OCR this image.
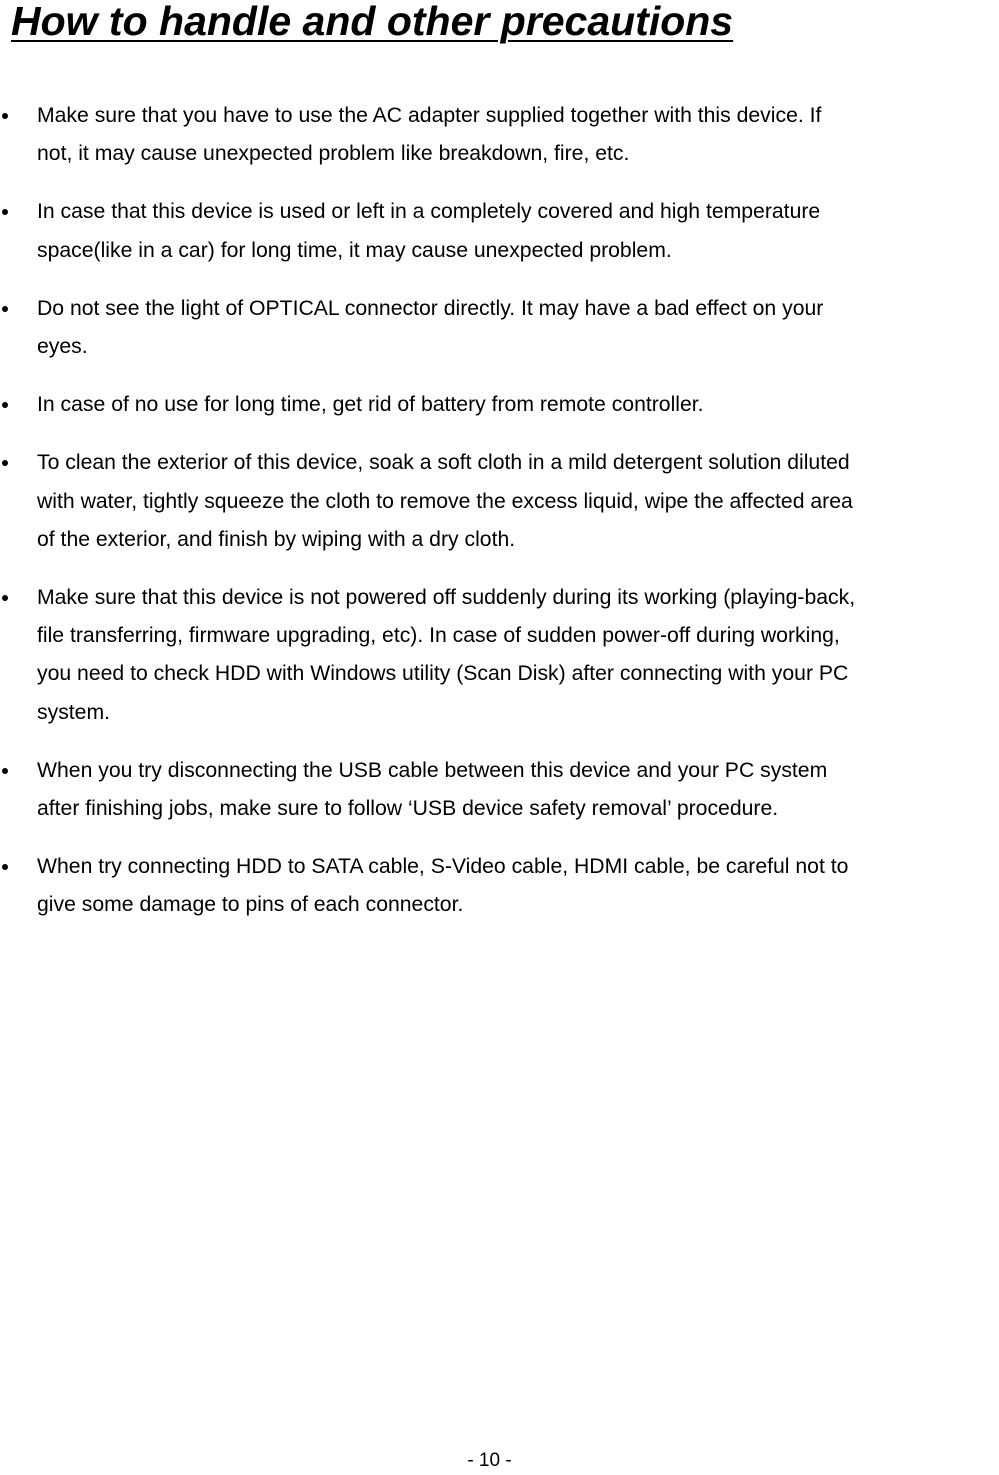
How to handle and other precautions
Make sure that you have to use the AC adapter supplied together with this device. If
not, it may cause unexpected problem like breakdown, fire, etc.
In case that this device is used or left in a completely covered and high temperature
space(like in a car) for long time, it may cause unexpected problem.
Do not see the light of OPTICAL connector directly. It may have a bad effect on your
eyes.
In case of no use for long time, get rid of battery from remote controller.
To clean the exterior of this device, soak a soft cloth in a mild detergent solution diluted
with water, tightly squeeze the cloth to remove the excess liquid, wipe the affected area
of the exterior, and finish by wiping with a dry cloth.
Make sure that this device is not powered off suddenly during its working (playing-back,
file transferring, firmware upgrading, etc). In case of sudden power-off during working,
you need to check HDD with Windows utility (Scan Disk) after connecting with your PC
system.
When you try disconnecting the USB cable between this device and your PC system
after finishing jobs, make sure to follow ‘USB device safety removal’ procedure.
When try connecting HDD to SATA cable, S-Video cable, HDMI cable, be careful not to
give some damage to pins of each connector.
- 10 -
